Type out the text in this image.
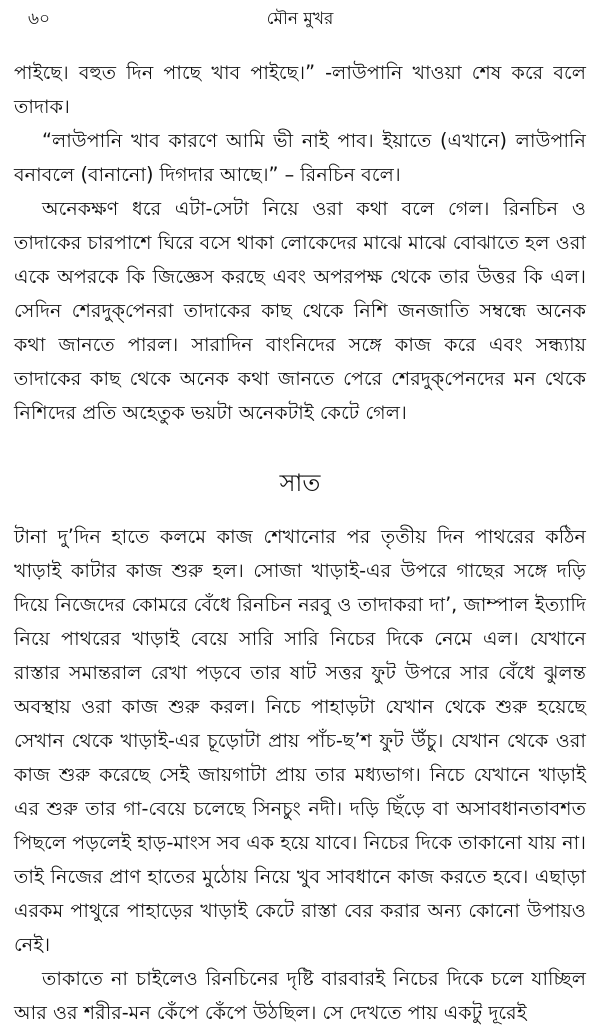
৬০	মৌন মুখর

পাইছে। বহুত দিন পাছে খাব পাইছে।” -লাউপানি খাওয়া শেষ করে বলে তাদাক।

“লাউপানি খাব কারণে আমি ভী নাই পাব। ইয়াতে (এখানে) লাউপানি বনাবলে (বানানো) দিগদার আছে।” – রিনচিন বলে।

অনেকক্ষণ ধরে এটা-সেটা নিয়ে ওরা কথা বলে গেল। রিনচিন ও তাদাকের চারপাশে ঘিরে বসে থাকা লোকেদের মাঝে মাঝে বোঝাতে হল ওরা একে অপরকে কি জিজ্ঞেস করছে এবং অপরপক্ষ থেকে তার উত্তর কি এল। সেদিন শেরদুক্‌পেনরা তাদাকের কাছ থেকে নিশি জনজাতি সম্বন্ধে অনেক কথা জানতে পারল। সারাদিন বাংনিদের সঙ্গে কাজ করে এবং সন্ধ্যায় তাদাকের কাছ থেকে অনেক কথা জানতে পেরে শেরদুক্‌পেনদের মন থেকে নিশিদের প্রতি অহেতুক ভয়টা অনেকটাই কেটে গেল।

সাত

টানা দু’দিন হাতে কলমে কাজ শেখানোর পর তৃতীয় দিন পাথরের কঠিন খাড়াই কাটার কাজ শুরু হল। সোজা খাড়াই-এর উপরে গাছের সঙ্গে দড়ি দিয়ে নিজেদের কোমরে বেঁধে রিনচিন নরবু ও তাদাকরা দা’, জাম্পাল ইত্যাদি নিয়ে পাথরের খাড়াই বেয়ে সারি সারি নিচের দিকে নেমে এল। যেখানে রাস্তার সমান্তরাল রেখা পড়বে তার ষাট সত্তর ফুট উপরে সার বেঁধে ঝুলন্ত অবস্থায় ওরা কাজ শুরু করল। নিচে পাহাড়টা যেখান থেকে শুরু হয়েছে সেখান থেকে খাড়াই-এর চূড়োটা প্রায় পাঁচ-ছ’শ ফুট উঁচু। যেখান থেকে ওরা কাজ শুরু করেছে সেই জায়গাটা প্রায় তার মধ্যভাগ। নিচে যেখানে খাড়াই এর শুরু তার গা-বেয়ে চলেছে সিনচুং নদী। দড়ি ছিঁড়ে বা অসাবধানতাবশত পিছলে পড়লেই হাড়-মাংস সব এক হয়ে যাবে। নিচের দিকে তাকানো যায় না। তাই নিজের প্রাণ হাতের মুঠোয় নিয়ে খুব সাবধানে কাজ করতে হবে। এছাড়া এরকম পাথুরে পাহাড়ের খাড়াই কেটে রাস্তা বের করার অন্য কোনো উপায়ও নেই।

তাকাতে না চাইলেও রিনচিনের দৃষ্টি বারবারই নিচের দিকে চলে যাচ্ছিল আর ওর শরীর-মন কেঁপে কেঁপে উঠছিল। সে দেখতে পায় একটু দূরেই
